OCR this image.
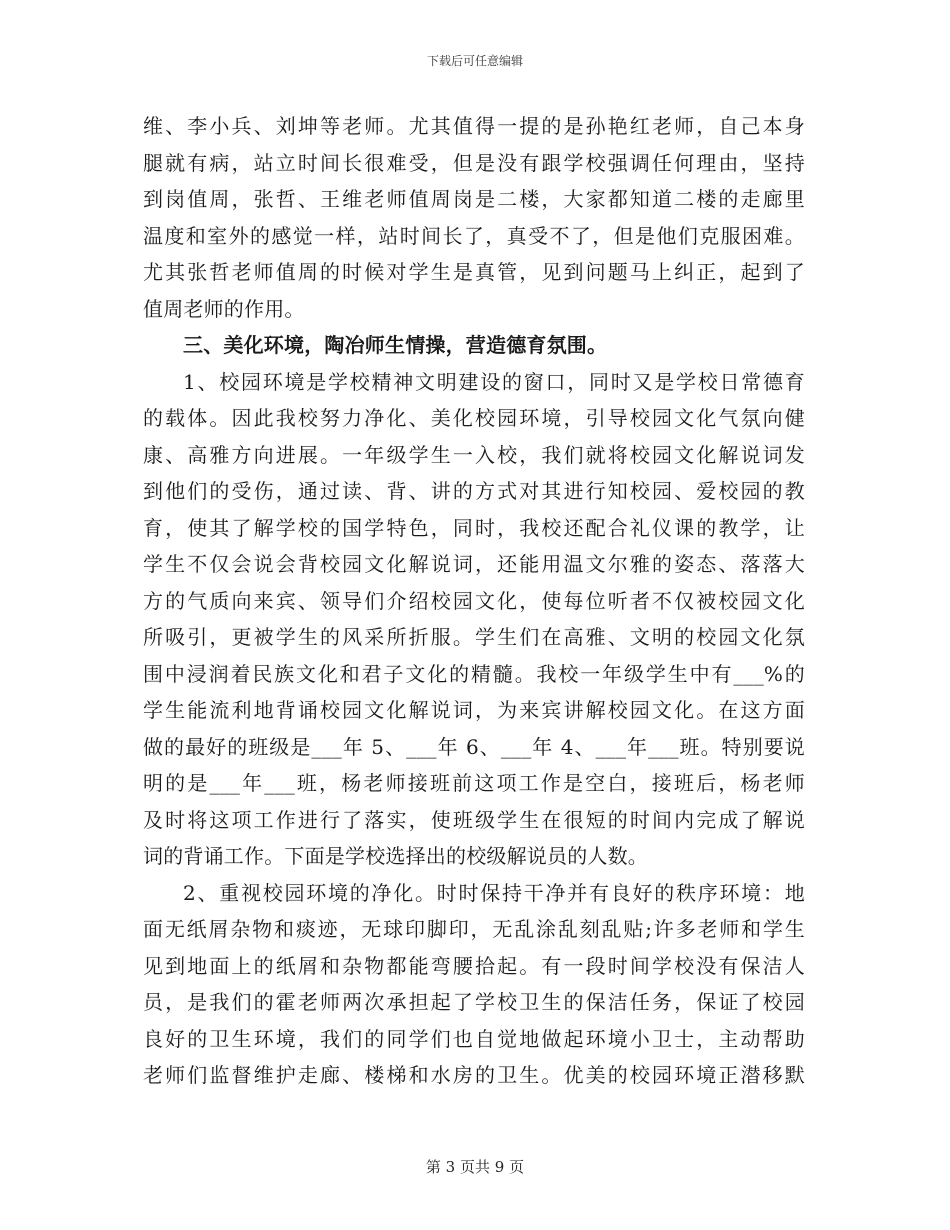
下载后可任意编辑
维、李小兵、刘坤等老师。尤其值得一提的是孙艳红老师，自己本身
腿就有病，站立时间长很难受，但是没有跟学校强调任何理由，坚持
到岗值周，张哲、王维老师值周岗是二楼，大家都知道二楼的走廊里
温度和室外的感觉一样，站时间长了，真受不了，但是他们克服困难。
尤其张哲老师值周的时候对学生是真管，见到问题马上纠正，起到了
值周老师的作用。
三、美化环境，陶冶师生情操，营造德育氛围。
1、校园环境是学校精神文明建设的窗口，同时又是学校日常德育
的载体。因此我校努力净化、美化校园环境，引导校园文化气氛向健
康、高雅方向进展。一年级学生一入校，我们就将校园文化解说词发
到他们的受伤，通过读、背、讲的方式对其进行知校园、爱校园的教
育，使其了解学校的国学特色，同时，我校还配合礼仪课的教学，让
学生不仅会说会背校园文化解说词，还能用温文尔雅的姿态、落落大
方的气质向来宾、领导们介绍校园文化，使每位听者不仅被校园文化
所吸引，更被学生的风采所折服。学生们在高雅、文明的校园文化氛
围中浸润着民族文化和君子文化的精髓。我校一年级学生中有___%的
学生能流利地背诵校园文化解说词，为来宾讲解校园文化。在这方面
做的最好的班级是___年 5、___年 6、___年 4、___年___班。特别要说
明的是___年___班，杨老师接班前这项工作是空白，接班后，杨老师
及时将这项工作进行了落实，使班级学生在很短的时间内完成了解说
词的背诵工作。下面是学校选择出的校级解说员的人数。
2、重视校园环境的净化。时时保持干净并有良好的秩序环境：地
面无纸屑杂物和痰迹，无球印脚印，无乱涂乱刻乱贴;许多老师和学生
见到地面上的纸屑和杂物都能弯腰拾起。有一段时间学校没有保洁人
员，是我们的霍老师两次承担起了学校卫生的保洁任务，保证了校园
良好的卫生环境，我们的同学们也自觉地做起环境小卫士，主动帮助
老师们监督维护走廊、楼梯和水房的卫生。优美的校园环境正潜移默
第 3 页共 9 页
